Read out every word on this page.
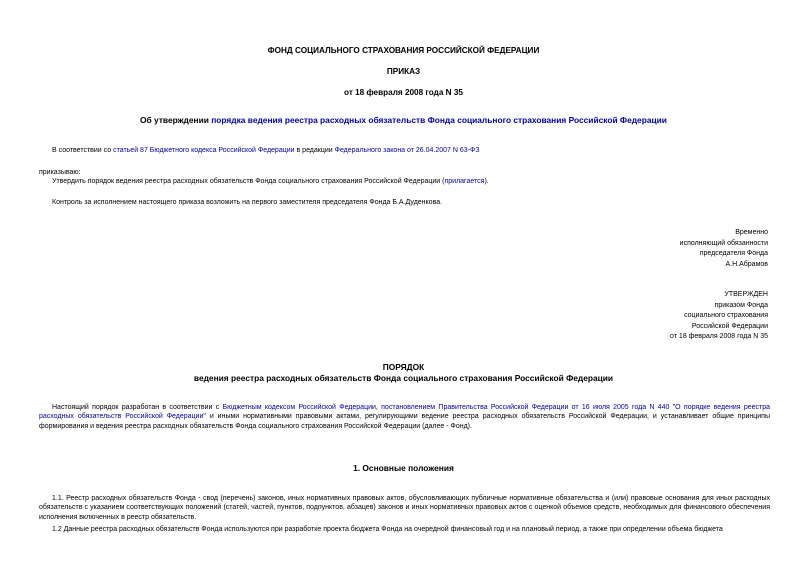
ФОНД СОЦИАЛЬНОГО СТРАХОВАНИЯ РОССИЙСКОЙ ФЕДЕРАЦИИ
ПРИКАЗ
от 18 февраля 2008 года N 35
Об утверждении порядка ведения реестра расходных обязательств Фонда социального страхования Российской Федерации
В соответствии со статьей 87 Бюджетного кодекса Российской Федерации в редакции Федерального закона от 26.04.2007 N 63-ФЗ
приказываю:
Утвердить порядок ведения реестра расходных обязательств Фонда социального страхования Российской Федерации (прилагается).
Контроль за исполнением настоящего приказа возложить на первого заместителя председателя Фонда Б.А.Дуденкова.
Временно
исполняющий обязанности
председателя Фонда
А.Н.Абрамов
УТВЕРЖДЕН
приказом Фонда
социального страхования
Российской Федерации
от 18 февраля 2008 года N 35
ПОРЯДОК
ведения реестра расходных обязательств Фонда социального страхования Российской Федерации
Настоящий порядок разработан в соответствии с Бюджетным кодексом Российской Федерации, постановлением Правительства Российской Федерации от 16 июля 2005 года N 440 "О порядке ведения реестра расходных обязательств Российской Федерации" и иными нормативными правовыми актами, регулирующими ведение реестра расходных обязательств Российской Федерации, и устанавливает общие принципы формирования и ведения реестра расходных обязательств Фонда социального страхования Российской Федерации (далее - Фонд).
1. Основные положения
1.1. Реестр расходных обязательств Фонда - свод (перечень) законов, иных нормативных правовых актов, обусловливающих публичные нормативные обязательства и (или) правовые основания для иных расходных обязательств с указанием соответствующих положений (статей, частей, пунктов, подпунктов, абзацев) законов и иных нормативных правовых актов с оценкой объемов средств, необходимых для финансового обеспечения исполнения включенных в реестр обязательств.
1.2 Данные реестра расходных обязательств Фонда используются при разработке проекта бюджета Фонда на очередной финансовый год и на плановый период, а также при определении объема бюджета
